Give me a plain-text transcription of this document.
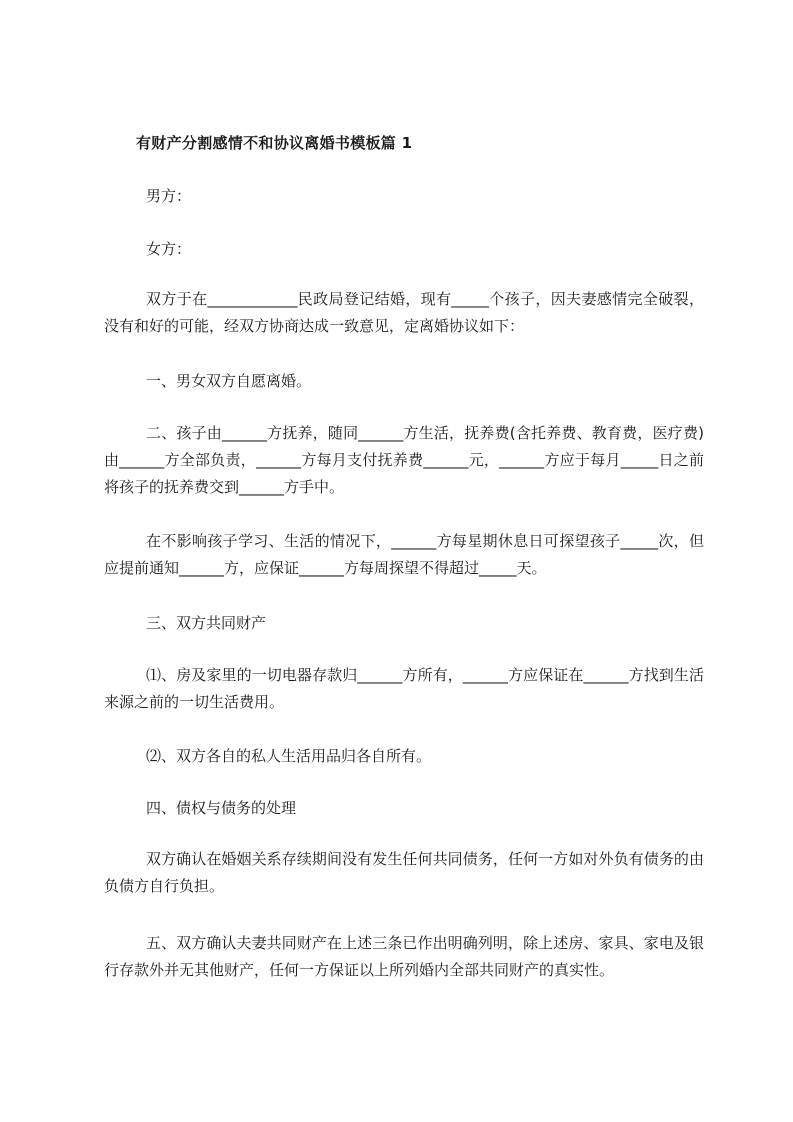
有财产分割感情不和协议离婚书模板篇 1
男方：
女方：

双方于在____________民政局登记结婚，现有_____个孩子，因夫妻感情完全破裂，没有和好的可能，经双方协商达成一致意见，定离婚协议如下：

一、男女双方自愿离婚。

二、孩子由______方抚养，随同______方生活，抚养费(含托养费、教育费，医疗费)由______方全部负责，______方每月支付抚养费______元，______方应于每月_____日之前将孩子的抚养费交到______方手中。

在不影响孩子学习、生活的情况下，______方每星期休息日可探望孩子_____次，但应提前通知______方，应保证______方每周探望不得超过_____天。

三、双方共同财产

⑴、房及家里的一切电器存款归______方所有，______方应保证在______方找到生活来源之前的一切生活费用。

⑵、双方各自的私人生活用品归各自所有。
四、债权与债务的处理

双方确认在婚姻关系存续期间没有发生任何共同债务，任何一方如对外负有债务的由负债方自行负担。

五、双方确认夫妻共同财产在上述三条已作出明确列明，除上述房、家具、家电及银行存款外并无其他财产，任何一方保证以上所列婚内全部共同财产的真实性。
